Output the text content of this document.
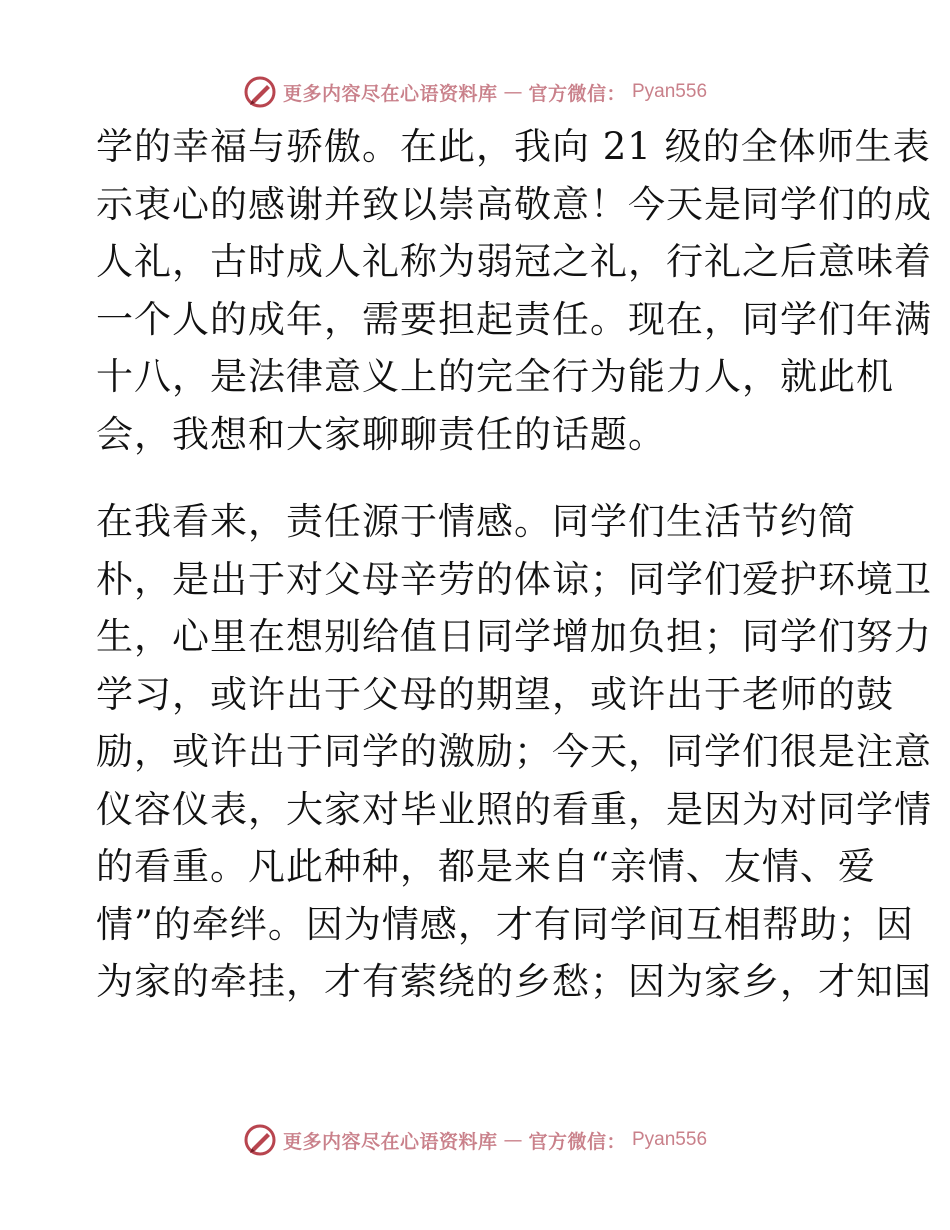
更多内容尽在心语资料库 — 官方微信： Pyan556

学的幸福与骄傲。在此，我向 21 级的全体师生表
示衷心的感谢并致以崇高敬意！今天是同学们的成
人礼，古时成人礼称为弱冠之礼，行礼之后意味着
一个人的成年，需要担起责任。现在，同学们年满
十八，是法律意义上的完全行为能力人，就此机
会，我想和大家聊聊责任的话题。

在我看来，责任源于情感。同学们生活节约简
朴，是出于对父母辛劳的体谅；同学们爱护环境卫
生，心里在想别给值日同学增加负担；同学们努力
学习，或许出于父母的期望，或许出于老师的鼓
励，或许出于同学的激励；今天，同学们很是注意
仪容仪表，大家对毕业照的看重，是因为对同学情
的看重。凡此种种，都是来自“亲情、友情、爱
情”的牵绊。因为情感，才有同学间互相帮助；因
为家的牵挂，才有萦绕的乡愁；因为家乡，才知国

更多内容尽在心语资料库 — 官方微信： Pyan556
